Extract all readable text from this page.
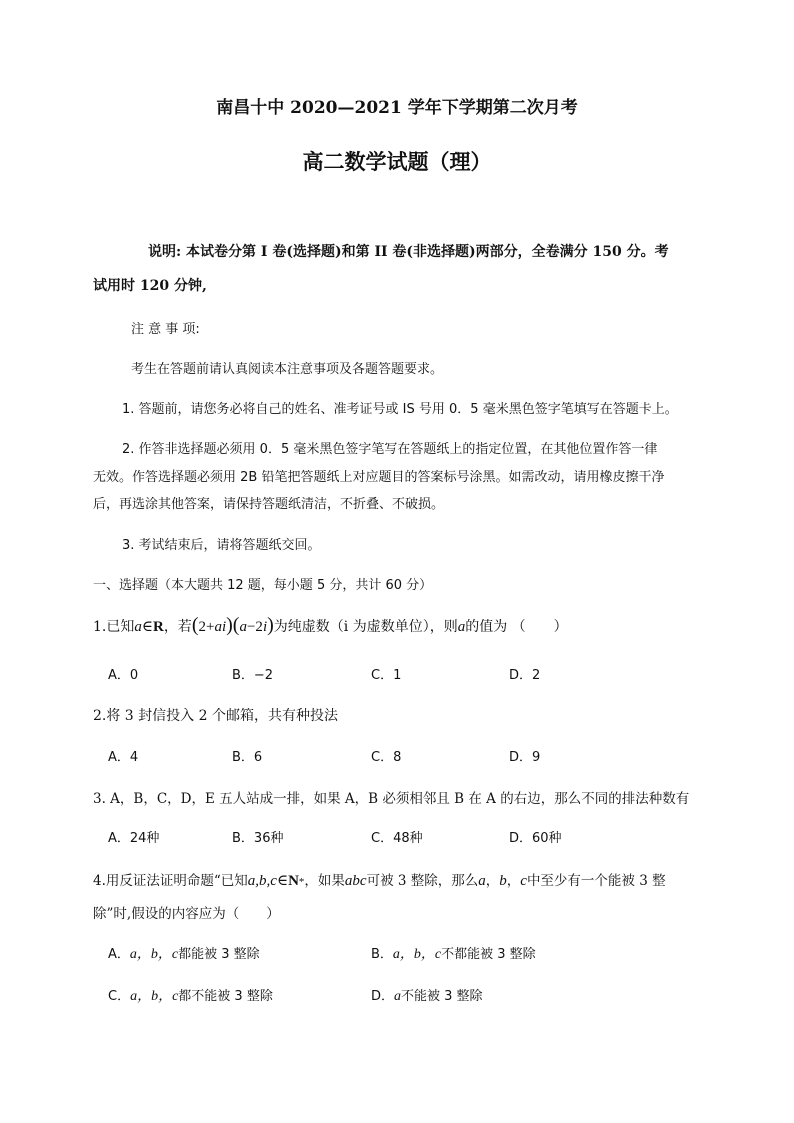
南昌十中 2020—2021 学年下学期第二次月考
高二数学试题（理）
说明: 本试卷分第 I 卷(选择题)和第 II 卷(非选择题)两部分，全卷满分 150 分。考
试用时 120 分钟,
注 意 事 项:
考生在答题前请认真阅读本注意事项及各题答题要求。
1. 答题前，请您务必将自己的姓名、准考证号或 IS 号用 0．5 毫米黑色签字笔填写在答题卡上。
2. 作答非选择题必须用 0．5 毫米黑色签字笔写在答题纸上的指定位置，在其他位置作答一律
无效。作答选择题必须用 2B 铅笔把答题纸上对应题目的答案标号涂黑。如需改动，请用橡皮擦干净
后，再选涂其他答案，请保持答题纸清洁，不折叠、不破损。
3. 考试结束后，请将答题纸交回。
一、选择题（本大题共 12 题，每小题 5 分，共计 60 分）
1.已知 a ∈ R ，若 ( 2+ ai ) ( a −2 i ) 为纯虚数（i 为虚数单位），则 a 的值为 （　　）
A．0	B．−2	C．1	D．2
2.将 3 封信投入 2 个邮箱，共有种投法
A．4	B．6	C．8	D．9
3. A，B，C，D，E 五人站成一排，如果 A，B 必须相邻且 B 在 A 的右边，那么不同的排法种数有
A．24种	B．36种	C．48种	D．60种
4.用反证法证明命题“已知 a,b,c ∈ N * ，如果 abc 可被 3 整除，那么 a ， b ， c 中至少有一个能被 3 整
除”时,假设的内容应为（　　）
A．a，b，c都能被 3 整除	B．a，b，c不都能被 3 整除
C．a，b，c都不能被 3 整除	D．a不能被 3 整除
